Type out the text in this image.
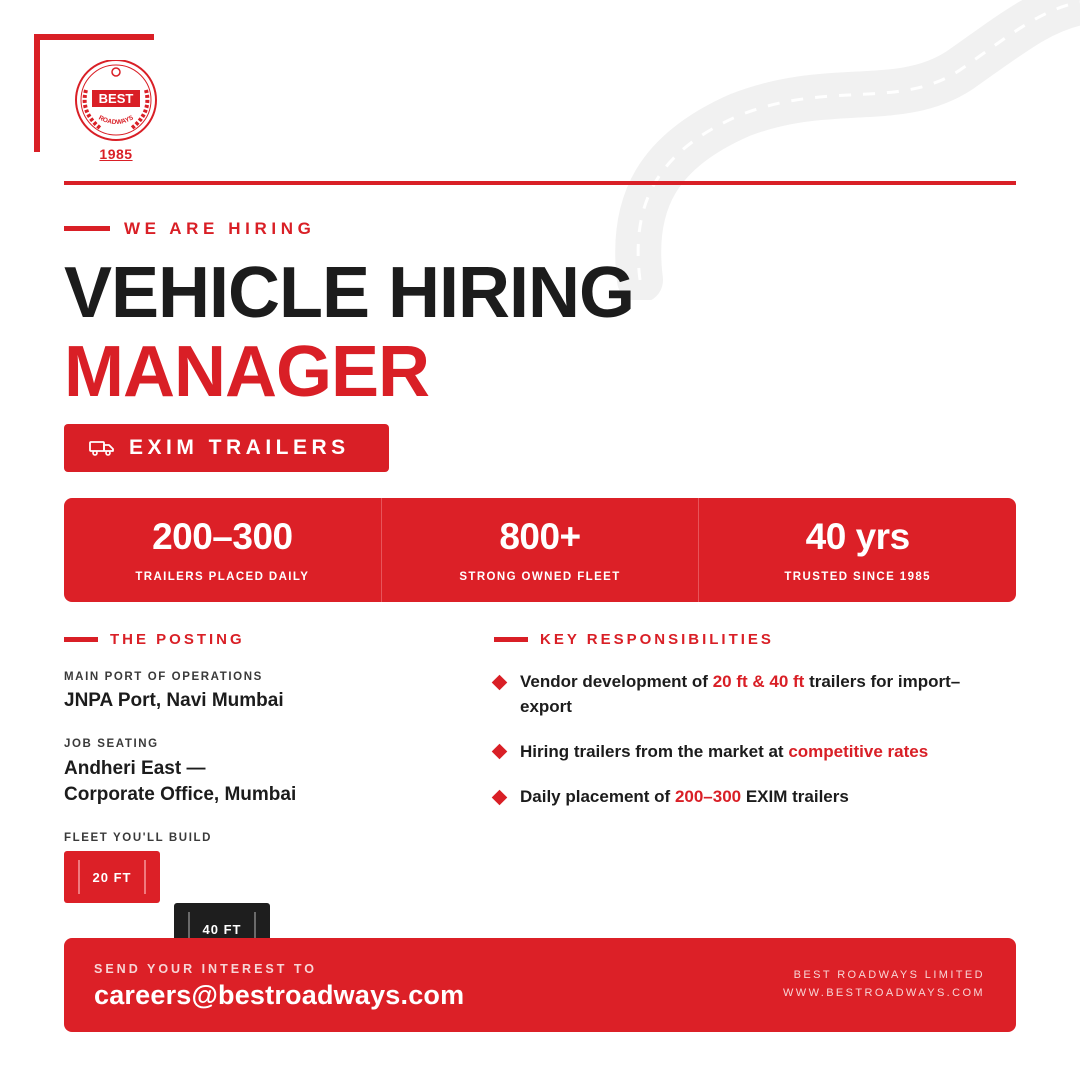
BEST
ROADWAYS
1985
WE ARE HIRING
VEHICLE HIRING
MANAGER
EXIM TRAILERS
200–300
TRAILERS PLACED DAILY
800+
STRONG OWNED FLEET
40 yrs
TRUSTED SINCE 1985
THE POSTING
MAIN PORT OF OPERATIONS
JNPA Port, Navi Mumbai
JOB SEATING
Andheri East —
Corporate Office, Mumbai
FLEET YOU'LL BUILD
20 FT
40 FT
KEY RESPONSIBILITIES
Vendor development of 20 ft & 40 ft trailers for import–
export
Hiring trailers from the market at competitive rates
Daily placement of 200–300 EXIM trailers
SEND YOUR INTEREST TO
careers@bestroadways.com
BEST ROADWAYS LIMITED
WWW.BESTROADWAYS.COM
